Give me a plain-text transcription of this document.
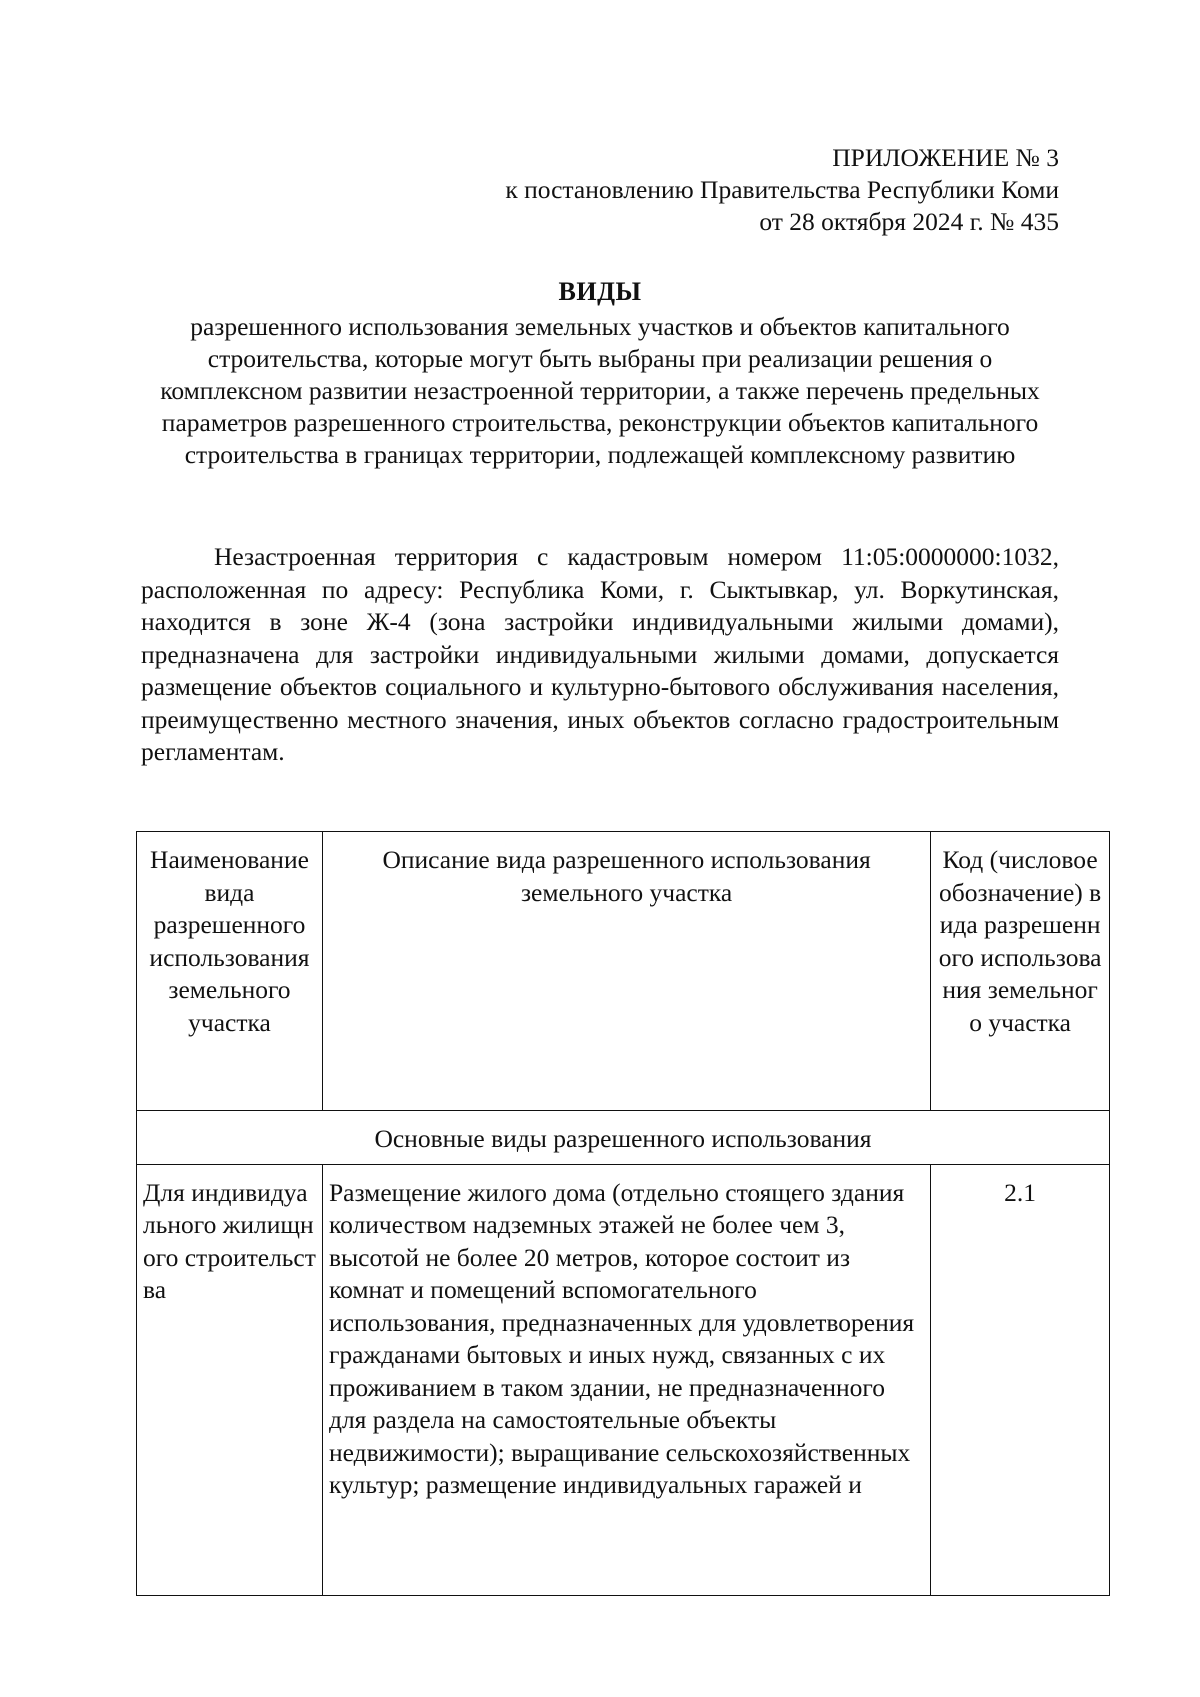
ПРИЛОЖЕНИЕ № 3
к постановлению Правительства Республики Коми
от 28 октября 2024 г. № 435
ВИДЫ
разрешенного использования земельных участков и объектов капитального строительства, которые могут быть выбраны при реализации решения о комплексном развитии незастроенной территории, а также перечень предельных параметров разрешенного строительства, реконструкции объектов капитального строительства в границах территории, подлежащей комплексному развитию

Незастроенная территория с кадастровым номером 11:05:0000000:1032, расположенная по адресу: Республика Коми, г. Сыктывкар, ул. Воркутинская, находится в зоне Ж-4 (зона застройки индивидуальными жилыми домами), предназначена для застройки индивидуальными жилыми домами, допускается размещение объектов социального и культурно-бытового обслуживания населения, преимущественно местного значения, иных объектов согласно градостроительным регламентам.

Наименование вида разрешенного использования земельного участка	Описание вида разрешенного использования земельного участка	Код (числовое обозначение) вида разрешенного использования земельного участка
Основные виды разрешенного использования		
Для индивидуального жилищного строительства	Размещение жилого дома (отдельно стоящего здания количеством надземных этажей не более чем 3, высотой не более 20 метров, которое состоит из комнат и помещений вспомогательного использования, предназначенных для удовлетворения гражданами бытовых и иных нужд, связанных с их проживанием в таком здании, не предназначенного для раздела на самостоятельные объекты недвижимости); выращивание сельскохозяйственных культур; размещение индивидуальных гаражей и	2.1
